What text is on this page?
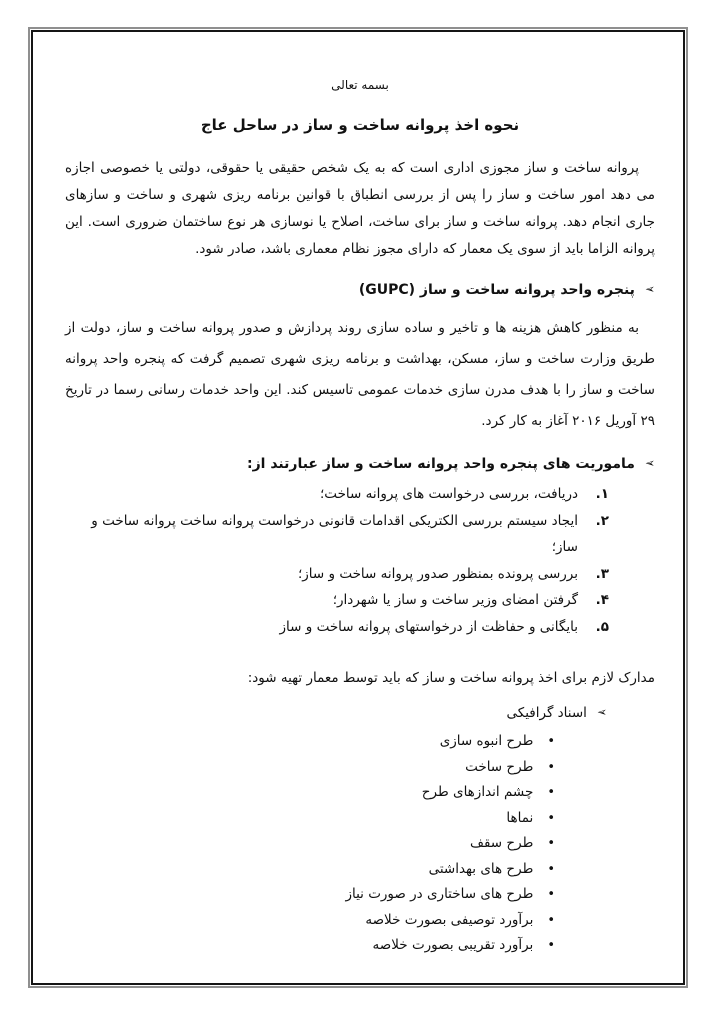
بسمه تعالی
نحوه اخذ پروانه ساخت و ساز در ساحل عاج
پروانه ساخت و ساز مجوزی اداری است که به یک شخص حقیقی یا حقوقی، دولتی یا خصوصی اجازه می دهد امور ساخت و ساز را پس از بررسی انطباق با قوانین برنامه ریزی شهری و ساخت و سازهای جاری انجام دهد. پروانه ساخت و ساز برای ساخت، اصلاح یا نوسازی هر نوع ساختمان ضروری است. این پروانه الزاما باید از سوی یک معمار که دارای مجوز نظام معماری باشد، صادر شود.
➢
پنجره واحد پروانه ساخت و ساز (GUPC)
به منظور کاهش هزینه ها و تاخیر و ساده سازی روند پردازش و صدور پروانه ساخت و ساز، دولت از طریق وزارت ساخت و ساز، مسکن، بهداشت و برنامه ریزی شهری تصمیم گرفت که پنجره واحد پروانه ساخت و ساز را با هدف مدرن سازی خدمات عمومی تاسیس کند. این واحد خدمات رسانی رسما در تاریخ ۲۹ آوریل ۲۰۱۶ آغاز به کار کرد.
➢
ماموریت های پنجره واحد پروانه ساخت و ساز عبارتند از:
۱.
دریافت، بررسی درخواست های پروانه ساخت؛
۲.
ایجاد سیستم بررسی الکتریکی اقدامات قانونی درخواست پروانه ساخت پروانه ساخت و ساز؛
۳.
بررسی پرونده بمنظور صدور پروانه ساخت و ساز؛
۴.
گرفتن امضای وزیر ساخت و ساز یا شهردار؛
۵.
بایگانی و حفاظت از درخواستهای پروانه ساخت و ساز
مدارک لازم برای اخذ پروانه ساخت و ساز که باید توسط معمار تهیه شود:
➢
اسناد گرافیکی
•
طرح انبوه سازی
•
طرح ساخت
•
چشم اندازهای طرح
•
نماها
•
طرح سقف
•
طرح های بهداشتی
•
طرح های ساختاری در صورت نیاز
•
برآورد توصیفی بصورت خلاصه
•
برآورد تقریبی بصورت خلاصه
